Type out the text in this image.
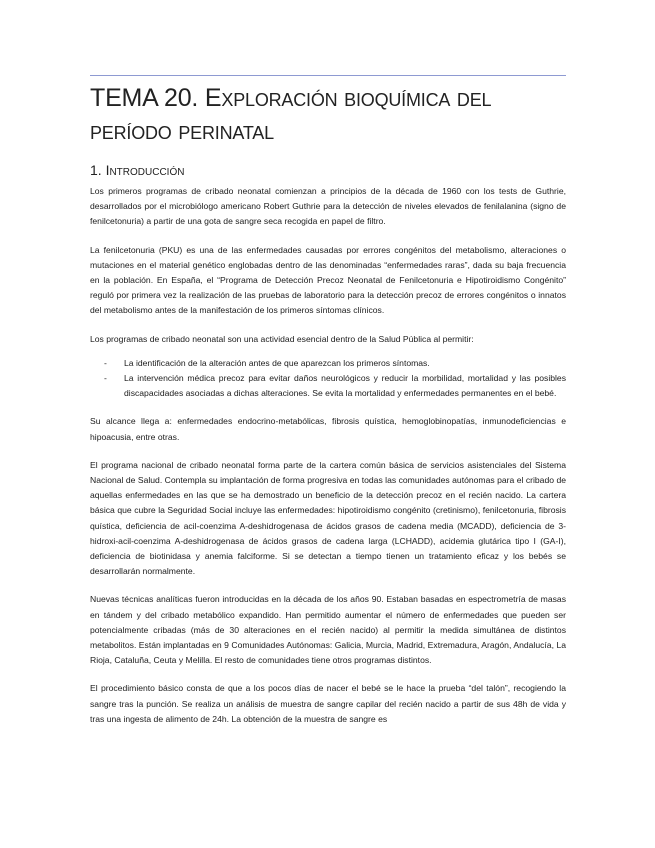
TEMA 20. Exploración bioquímica del período perinatal
1. Introducción

Los primeros programas de cribado neonatal comienzan a principios de la década de 1960 con los tests de Guthrie, desarrollados por el microbiólogo americano Robert Guthrie para la detección de niveles elevados de fenilalanina (signo de fenilcetonuria) a partir de una gota de sangre seca recogida en papel de filtro.

La fenilcetonuria (PKU) es una de las enfermedades causadas por errores congénitos del metabolismo, alteraciones o mutaciones en el material genético englobadas dentro de las denominadas “enfermedades raras”, dada su baja frecuencia en la población. En España, el “Programa de Detección Precoz Neonatal de Fenilcetonuria e Hipotiroidismo Congénito” reguló por primera vez la realización de las pruebas de laboratorio para la detección precoz de errores congénitos o innatos del metabolismo antes de la manifestación de los primeros síntomas clínicos.

Los programas de cribado neonatal son una actividad esencial dentro de la Salud Pública al permitir:

- La identificación de la alteración antes de que aparezcan los primeros síntomas.
- La intervención médica precoz para evitar daños neurológicos y reducir la morbilidad, mortalidad y las posibles discapacidades asociadas a dichas alteraciones. Se evita la mortalidad y enfermedades permanentes en el bebé.

Su alcance llega a: enfermedades endocrino-metabólicas, fibrosis quística, hemoglobinopatías, inmunodeficiencias e hipoacusia, entre otras.

El programa nacional de cribado neonatal forma parte de la cartera común básica de servicios asistenciales del Sistema Nacional de Salud. Contempla su implantación de forma progresiva en todas las comunidades autónomas para el cribado de aquellas enfermedades en las que se ha demostrado un beneficio de la detección precoz en el recién nacido. La cartera básica que cubre la Seguridad Social incluye las enfermedades: hipotiroidismo congénito (cretinismo), fenilcetonuria, fibrosis quística, deficiencia de acil-coenzima A-deshidrogenasa de ácidos grasos de cadena media (MCADD), deficiencia de 3-hidroxi-acil-coenzima A-deshidrogenasa de ácidos grasos de cadena larga (LCHADD), acidemia glutárica tipo I (GA-I), deficiencia de biotinidasa y anemia falciforme. Si se detectan a tiempo tienen un tratamiento eficaz y los bebés se desarrollarán normalmente.

Nuevas técnicas analíticas fueron introducidas en la década de los años 90. Estaban basadas en espectrometría de masas en tándem y del cribado metabólico expandido. Han permitido aumentar el número de enfermedades que pueden ser potencialmente cribadas (más de 30 alteraciones en el recién nacido) al permitir la medida simultánea de distintos metabolitos. Están implantadas en 9 Comunidades Autónomas: Galicia, Murcia, Madrid, Extremadura, Aragón, Andalucía, La Rioja, Cataluña, Ceuta y Melilla. El resto de comunidades tiene otros programas distintos.

El procedimiento básico consta de que a los pocos días de nacer el bebé se le hace la prueba “del talón”, recogiendo la sangre tras la punción. Se realiza un análisis de muestra de sangre capilar del recién nacido a partir de sus 48h de vida y tras una ingesta de alimento de 24h. La obtención de la muestra de sangre es
